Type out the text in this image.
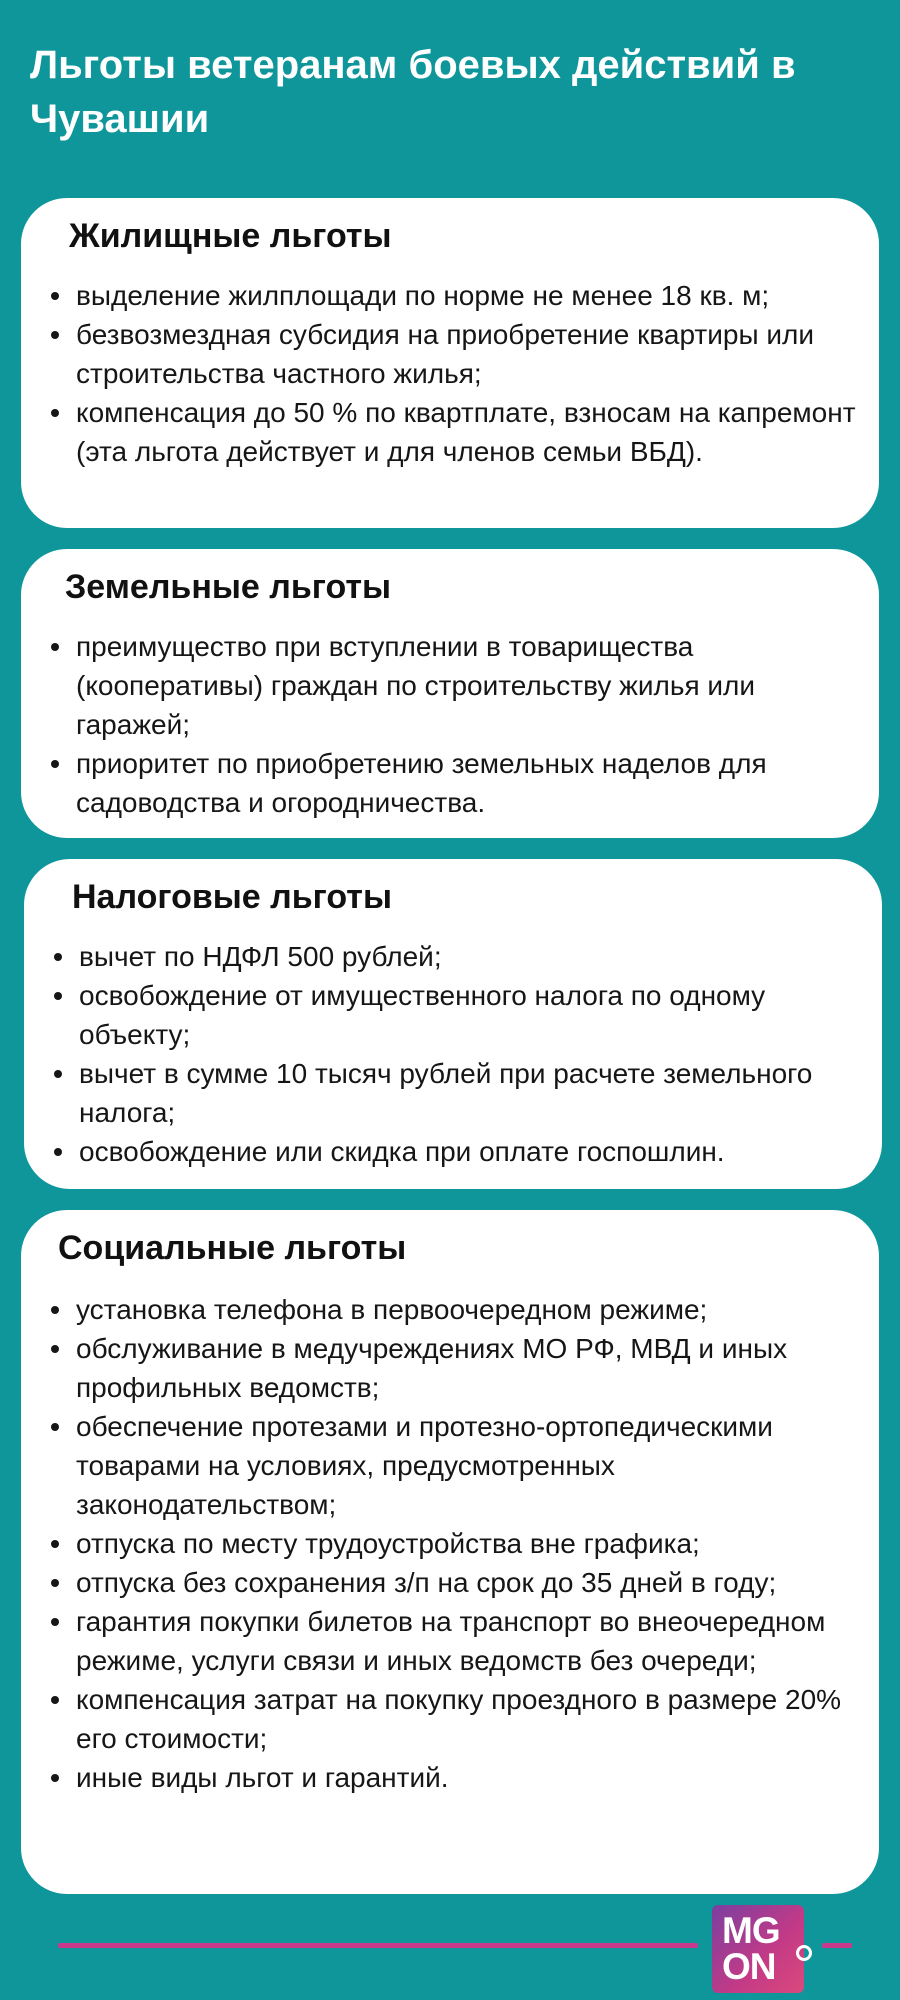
Льготы ветеранам боевых действий в Чувашии
Жилищные льготы
выделение жилплощади по норме не менее 18 кв. м;
безвозмездная субсидия на приобретение квартиры или строительства частного жилья;
компенсация до 50 % по квартплате, взносам на капремонт (эта льгота действует и для членов семьи ВБД).
Земельные льготы
преимущество при вступлении в товарищества (кооперативы) граждан по строительству жилья или гаражей;
приоритет по приобретению земельных наделов для садоводства и огородничества.
Налоговые льготы
вычет по НДФЛ 500 рублей;
освобождение от имущественного налога по одному объекту;
вычет в сумме 10 тысяч рублей при расчете земельного налога;
освобождение или скидка при оплате госпошлин.
Социальные льготы
установка телефона в первоочередном режиме;
обслуживание в медучреждениях МО РФ, МВД и иных профильных ведомств;
обеспечение протезами и протезно-ортопедическими товарами на условиях, предусмотренных законодательством;
отпуска по месту трудоустройства вне графика;
отпуска без сохранения з/п на срок до 35 дней в году;
гарантия покупки билетов на транспорт во внеочередном режиме, услуги связи и иных ведомств без очереди;
компенсация затрат на покупку проездного в размере 20% его стоимости;
иные виды льгот и гарантий.
MG
ON
